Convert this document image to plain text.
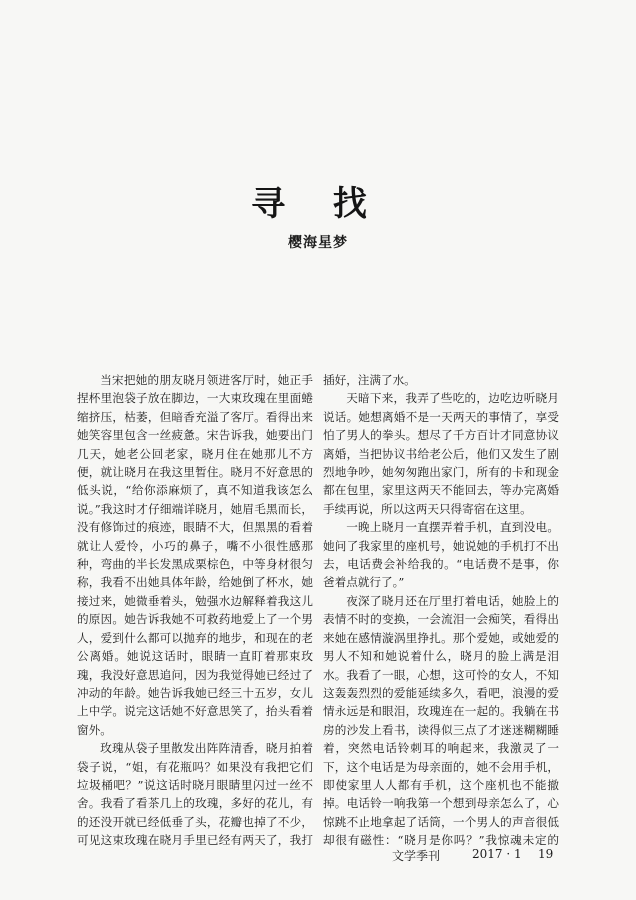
寻 找
樱海星梦

当宋把她的朋友晓月领进客厅时，她正手捏杯里泡袋子放在脚边，一大束玫瑰在里面蜷缩挤压，枯萎，但暗香充溢了客厅。看得出来她笑容里包含一丝疲惫。宋告诉我，她要出门几天，她老公回老家，晓月住在她那儿不方便，就让晓月在我这里暂住。晓月不好意思的低头说，“给你添麻烦了，真不知道我该怎么说。”我这时才仔细端详晓月，她眉毛黑而长，没有修饰过的痕迹，眼睛不大，但黑黑的看着就让人爱怜，小巧的鼻子，嘴不小很性感那种，弯曲的半长发黑成栗棕色，中等身材很匀称，我看不出她具体年龄，给她倒了杯水，她接过来，她微垂着头，勉强水边解释着我这儿的原因。她告诉我她不可救药地爱上了一个男人，爱到什么都可以抛弃的地步，和现在的老公离婚。她说这话时，眼睛一直盯着那束玫瑰，我没好意思追问，因为我觉得她已经过了冲动的年龄。她告诉我她已经三十五岁，女儿上中学。说完这话她不好意思笑了，抬头看着窗外。

玫瑰从袋子里散发出阵阵清香，晓月拍着袋子说，“姐，有花瓶吗？如果没有我把它们垃圾桶吧？”说这话时晓月眼睛里闪过一丝不舍。我看了看茶几上的玫瑰，多好的花儿，有的还没开就已经低垂了头，花瓣也掉了不少，可见这束玫瑰在晓月手里已经有两天了，我打

插好，注满了水。

天暗下来，我弄了些吃的，边吃边听晓月说话。她想离婚不是一天两天的事情了，享受怕了男人的拳头。想尽了千方百计才同意协议离婚，当把协议书给老公后，他们又发生了剧烈地争吵，她匆匆跑出家门，所有的卡和现金都在包里，家里这两天不能回去，等办完离婚手续再说，所以这两天只得寄宿在这里。

一晚上晓月一直摆弄着手机，直到没电。她问了我家里的座机号，她说她的手机打不出去，电话费会补给我的。“电话费不是事，你爸着点就行了。”

夜深了晓月还在厅里打着电话，她脸上的表情不时的变换，一会流泪一会痴笑，看得出来她在感情漩涡里挣扎。那个爱她，或她爱的男人不知和她说着什么，晓月的脸上满是泪水。我看了一眼，心想，这可怜的女人，不知这轰轰烈烈的爱能延续多久，看吧，浪漫的爱情永远是和眼泪，玫瑰连在一起的。我躺在书房的沙发上看书，读得似三点了才迷迷糊糊睡着，突然电话铃刺耳的响起来，我激灵了一下，这个电话是为母亲面的，她不会用手机，即使家里人人都有手机，这个座机也不能撤掉。电话铃一响我第一个想到母亲怎么了，心惊跳不止地拿起了话筒，一个男人的声音很低却很有磁性：“晓月是你吗？”我惊魂未定的

文学季刊	2017 · 1 19
